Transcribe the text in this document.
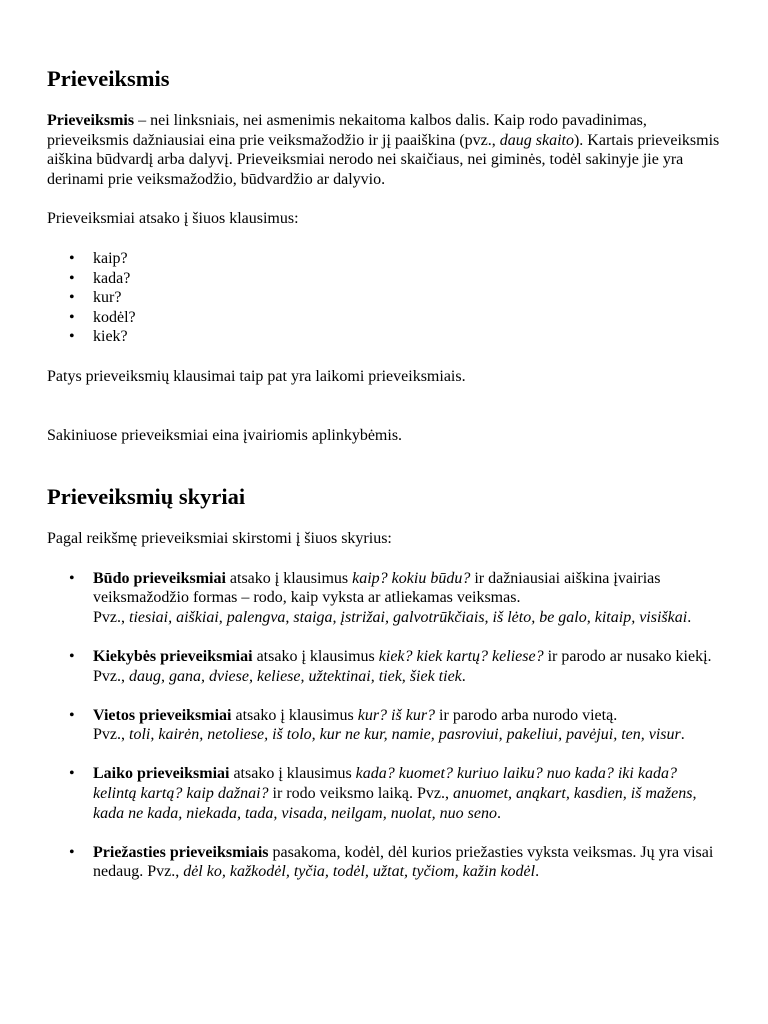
Prieveiksmis

Prieveiksmis – nei linksniais, nei asmenimis nekaitoma kalbos dalis. Kaip rodo pavadinimas, prieveiksmis dažniausiai eina prie veiksmažodžio ir jį paaiškina (pvz., daug skaito). Kartais prieveiksmis aiškina būdvardį arba dalyvį. Prieveiksmiai nerodo nei skaičiaus, nei giminės, todėl sakinyje jie yra derinami prie veiksmažodžio, būdvardžio ar dalyvio.

Prieveiksmiai atsako į šiuos klausimus:

• kaip?
• kada?
• kur?
• kodėl?
• kiek?

Patys prieveiksmių klausimai taip pat yra laikomi prieveiksmiais.

Sakiniuose prieveiksmiai eina įvairiomis aplinkybėmis.

Prieveiksmių skyriai

Pagal reikšmę prieveiksmiai skirstomi į šiuos skyrius:

• Būdo prieveiksmiai atsako į klausimus kaip? kokiu būdu? ir dažniausiai aiškina įvairias veiksmažodžio formas – rodo, kaip vyksta ar atliekamas veiksmas.
Pvz., tiesiai, aiškiai, palengva, staiga, įstrižai, galvotrūkčiais, iš lėto, be galo, kitaip, visiškai.
• Kiekybės prieveiksmiai atsako į klausimus kiek? kiek kartų? keliese? ir parodo ar nusako kiekį. Pvz., daug, gana, dviese, keliese, užtektinai, tiek, šiek tiek.
• Vietos prieveiksmiai atsako į klausimus kur? iš kur? ir parodo arba nurodo vietą.
Pvz., toli, kairėn, netoliese, iš tolo, kur ne kur, namie, pasroviui, pakeliui, pavėjui, ten, visur.
• Laiko prieveiksmiai atsako į klausimus kada? kuomet? kuriuo laiku? nuo kada? iki kada? kelintą kartą? kaip dažnai? ir rodo veiksmo laiką. Pvz., anuomet, anąkart, kasdien, iš mažens, kada ne kada, niekada, tada, visada, neilgam, nuolat, nuo seno.
• Priežasties prieveiksmiais pasakoma, kodėl, dėl kurios priežasties vyksta veiksmas. Jų yra visai nedaug. Pvz., dėl ko, kažkodėl, tyčia, todėl, užtat, tyčiom, kažin kodėl.
